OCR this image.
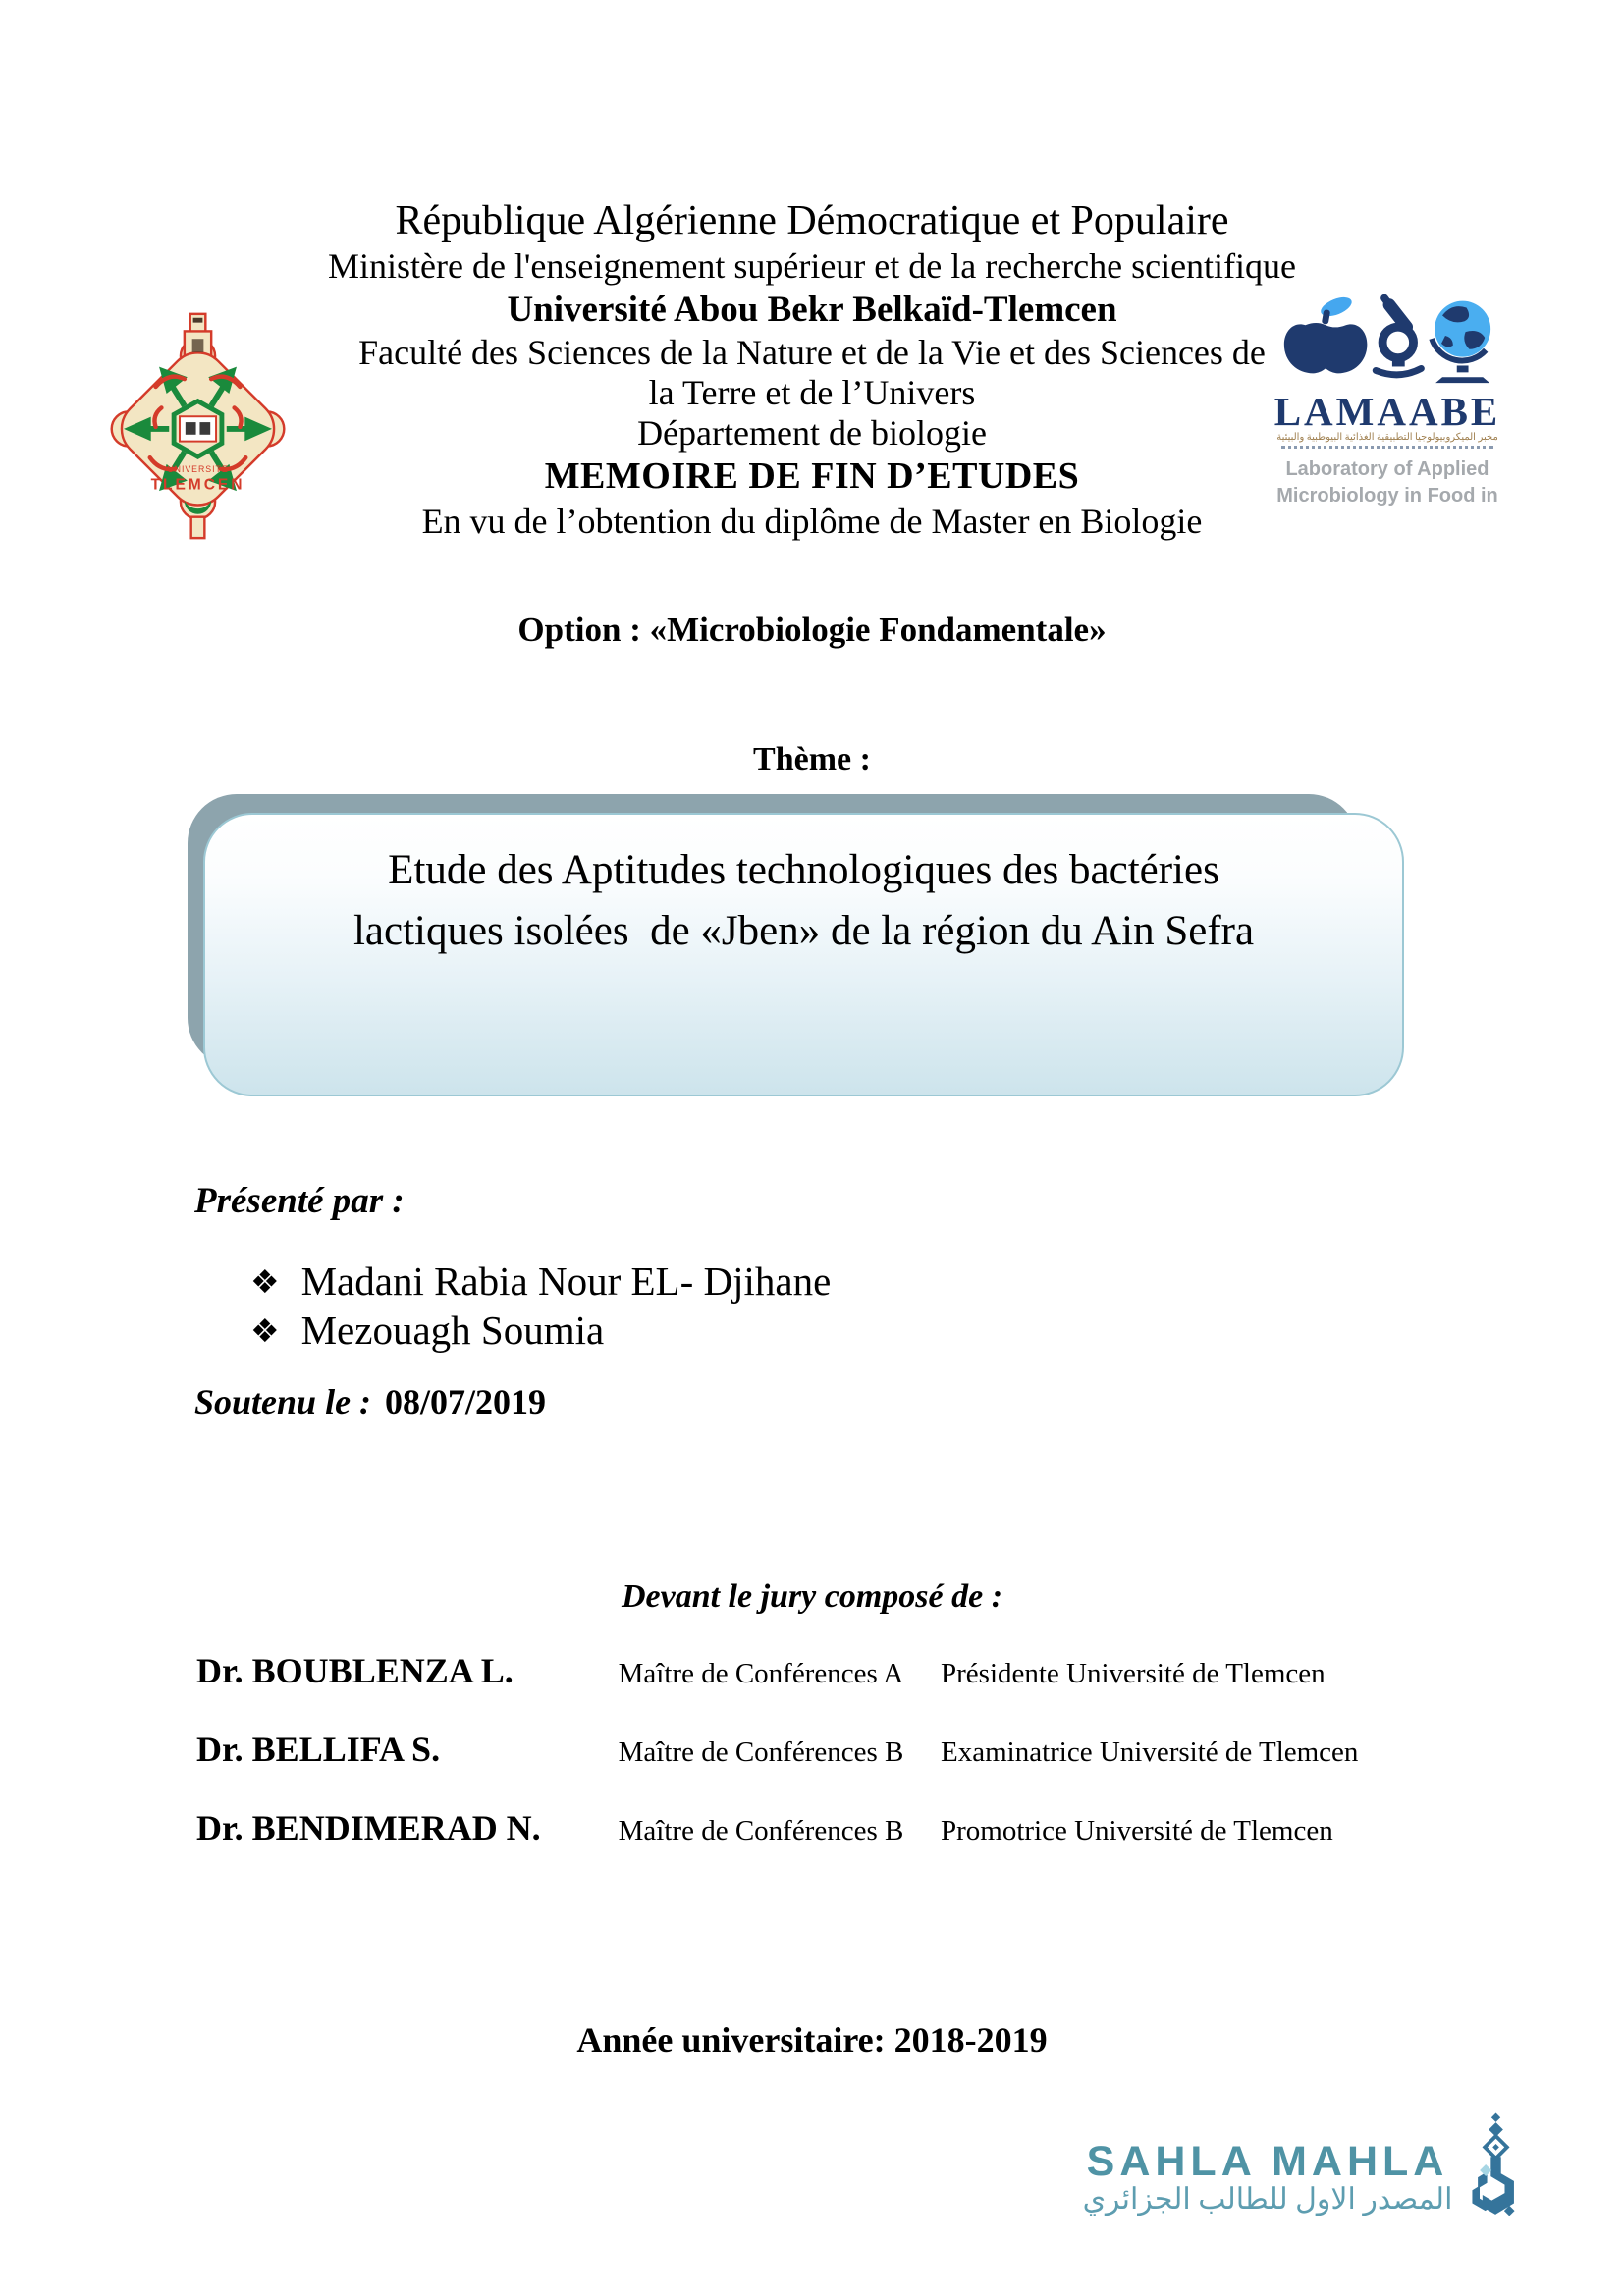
République Algérienne Démocratique et Populaire
Ministère de l'enseignement supérieur et de la recherche scientifique
Université Abou Bekr Belkaïd-Tlemcen
Faculté des Sciences de la Nature et de la Vie et des Sciences de
la Terre et de l’Univers
Département de biologie
MEMOIRE DE FIN D’ETUDES
En vu de l’obtention du diplôme de Master en Biologie
UNIVERSITE
TLEMCEN
LAMAABE
مخبر الميكروبيولوجيا التطبيقية الغذائية البيوطبية والبيئية
Laboratory of Applied
Microbiology in Food in
Option : «Microbiologie Fondamentale»
Thème :
Etude des Aptitudes technologiques des bactéries
lactiques isolées  de «Jben» de la région du Ain Sefra
Présenté par :
❖ Madani Rabia Nour EL- Djihane
❖ Mezouagh Soumia
Soutenu le : 08/07/2019
Devant le jury composé de :
Dr. BOUBLENZA L.	Maître de Conférences A	Présidente Université de Tlemcen
Dr. BELLIFA S.	Maître de Conférences B	Examinatrice Université de Tlemcen
Dr. BENDIMERAD N.	Maître de Conférences B	Promotrice Université de Tlemcen
Année universitaire: 2018-2019
SAHLA MAHLA
المصدر الاول للطالب الجزائري
